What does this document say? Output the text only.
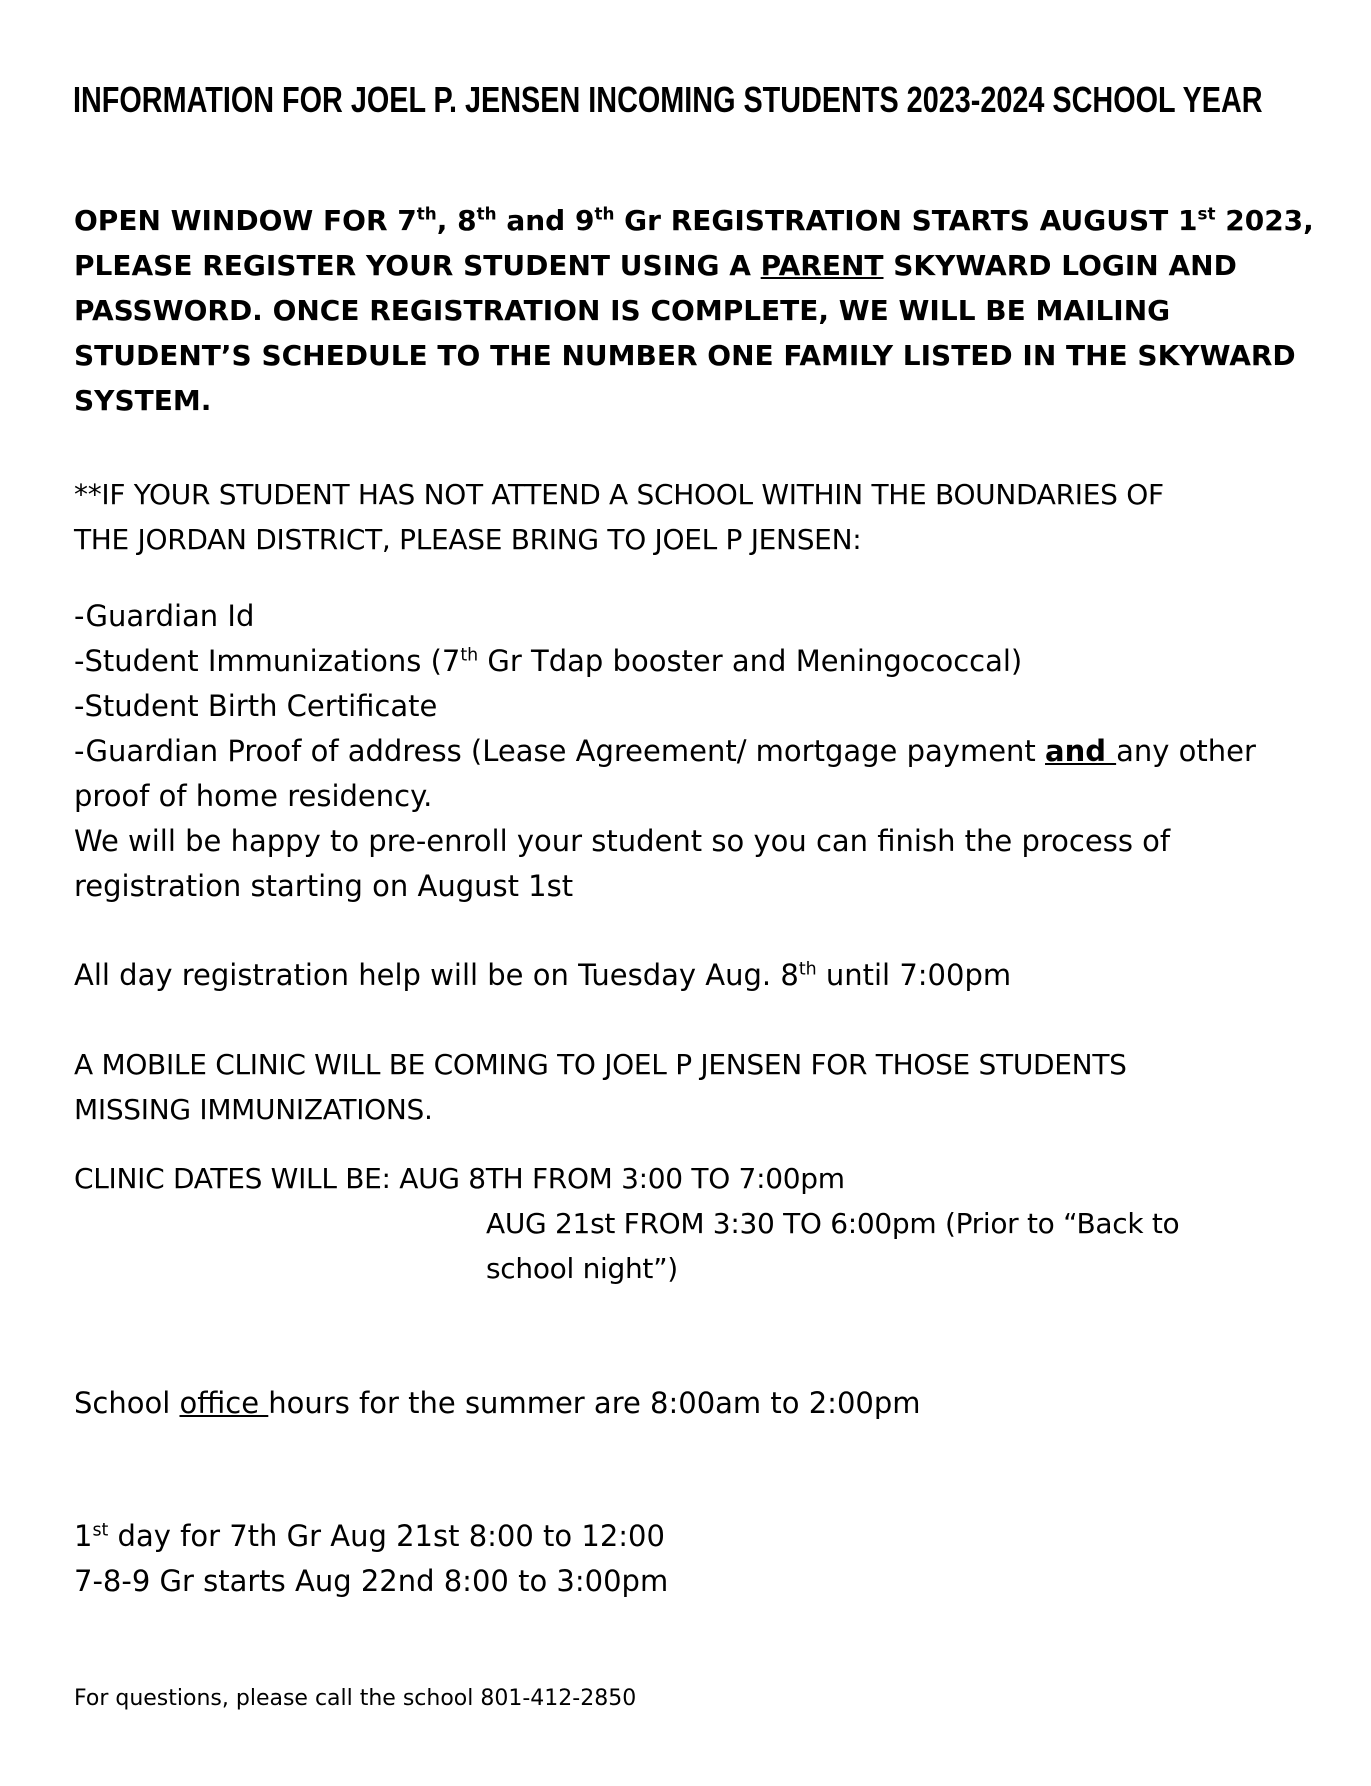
INFORMATION FOR JOEL P. JENSEN INCOMING STUDENTS 2023-2024 SCHOOL YEAR
OPEN WINDOW FOR 7th, 8th and 9th Gr REGISTRATION STARTS AUGUST 1st 2023,
PLEASE REGISTER YOUR STUDENT USING A PARENT SKYWARD LOGIN AND
PASSWORD. ONCE REGISTRATION IS COMPLETE, WE WILL BE MAILING
STUDENT’S SCHEDULE TO THE NUMBER ONE FAMILY LISTED IN THE SKYWARD
SYSTEM.
**IF YOUR STUDENT HAS NOT ATTEND A SCHOOL WITHIN THE BOUNDARIES OF
THE JORDAN DISTRICT, PLEASE BRING TO JOEL P JENSEN:
-Guardian Id
-Student Immunizations (7th Gr Tdap booster and Meningococcal)
-Student Birth Certificate
-Guardian Proof of address (Lease Agreement/ mortgage payment and any other
proof of home residency.
We will be happy to pre-enroll your student so you can finish the process of
registration starting on August 1st
All day registration help will be on Tuesday Aug. 8th until 7:00pm
A MOBILE CLINIC WILL BE COMING TO JOEL P JENSEN FOR THOSE STUDENTS
MISSING IMMUNIZATIONS.
CLINIC DATES WILL BE: AUG 8TH FROM 3:00 TO 7:00pm
AUG 21st FROM 3:30 TO 6:00pm (Prior to “Back to
school night”)
School office hours for the summer are 8:00am to 2:00pm
1st day for 7th Gr Aug 21st 8:00 to 12:00
7-8-9 Gr starts Aug 22nd 8:00 to 3:00pm
For questions, please call the school 801-412-2850
